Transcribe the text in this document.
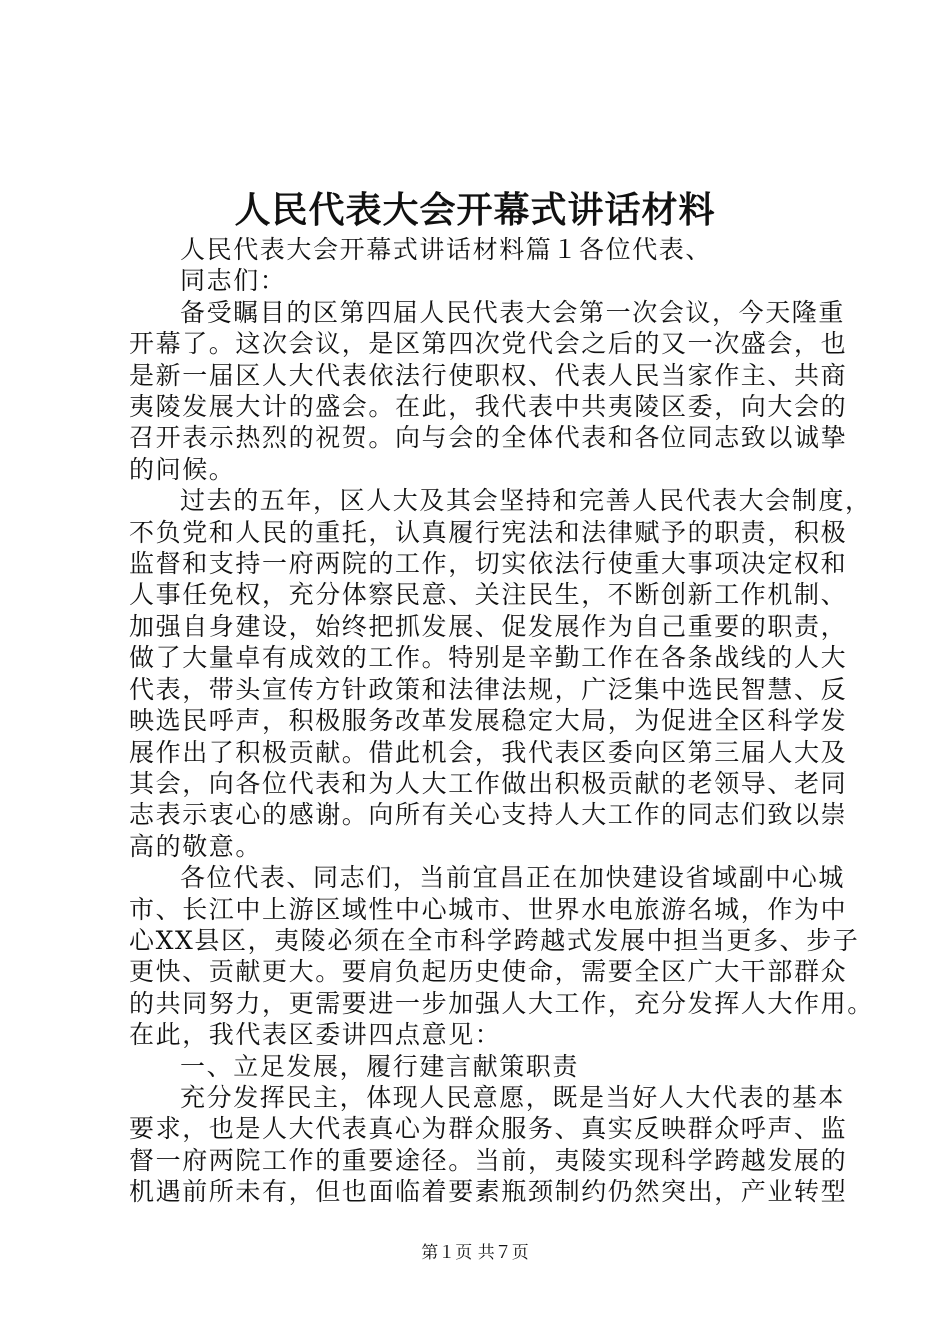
人民代表大会开幕式讲话材料
人民代表大会开幕式讲话材料篇１各位代表、
同志们：
备受瞩目的区第四届人民代表大会第一次会议，今天隆重
开幕了。这次会议，是区第四次党代会之后的又一次盛会，也
是新一届区人大代表依法行使职权、代表人民当家作主、共商
夷陵发展大计的盛会。在此，我代表中共夷陵区委，向大会的
召开表示热烈的祝贺。向与会的全体代表和各位同志致以诚挚
的问候。
过去的五年，区人大及其会坚持和完善人民代表大会制度，
不负党和人民的重托，认真履行宪法和法律赋予的职责，积极
监督和支持一府两院的工作，切实依法行使重大事项决定权和
人事任免权，充分体察民意、关注民生，不断创新工作机制、
加强自身建设，始终把抓发展、促发展作为自己重要的职责，
做了大量卓有成效的工作。特别是辛勤工作在各条战线的人大
代表，带头宣传方针政策和法律法规，广泛集中选民智慧、反
映选民呼声，积极服务改革发展稳定大局，为促进全区科学发
展作出了积极贡献。借此机会，我代表区委向区第三届人大及
其会，向各位代表和为人大工作做出积极贡献的老领导、老同
志表示衷心的感谢。向所有关心支持人大工作的同志们致以崇
高的敬意。
各位代表、同志们，当前宜昌正在加快建设省域副中心城
市、长江中上游区域性中心城市、世界水电旅游名城，作为中
心XX县区，夷陵必须在全市科学跨越式发展中担当更多、步子
更快、贡献更大。要肩负起历史使命，需要全区广大干部群众
的共同努力，更需要进一步加强人大工作，充分发挥人大作用。
在此，我代表区委讲四点意见：
一、立足发展，履行建言献策职责
充分发挥民主，体现人民意愿，既是当好人大代表的基本
要求，也是人大代表真心为群众服务、真实反映群众呼声、监
督一府两院工作的重要途径。当前，夷陵实现科学跨越发展的
机遇前所未有，但也面临着要素瓶颈制约仍然突出，产业转型
第１页 共７页
